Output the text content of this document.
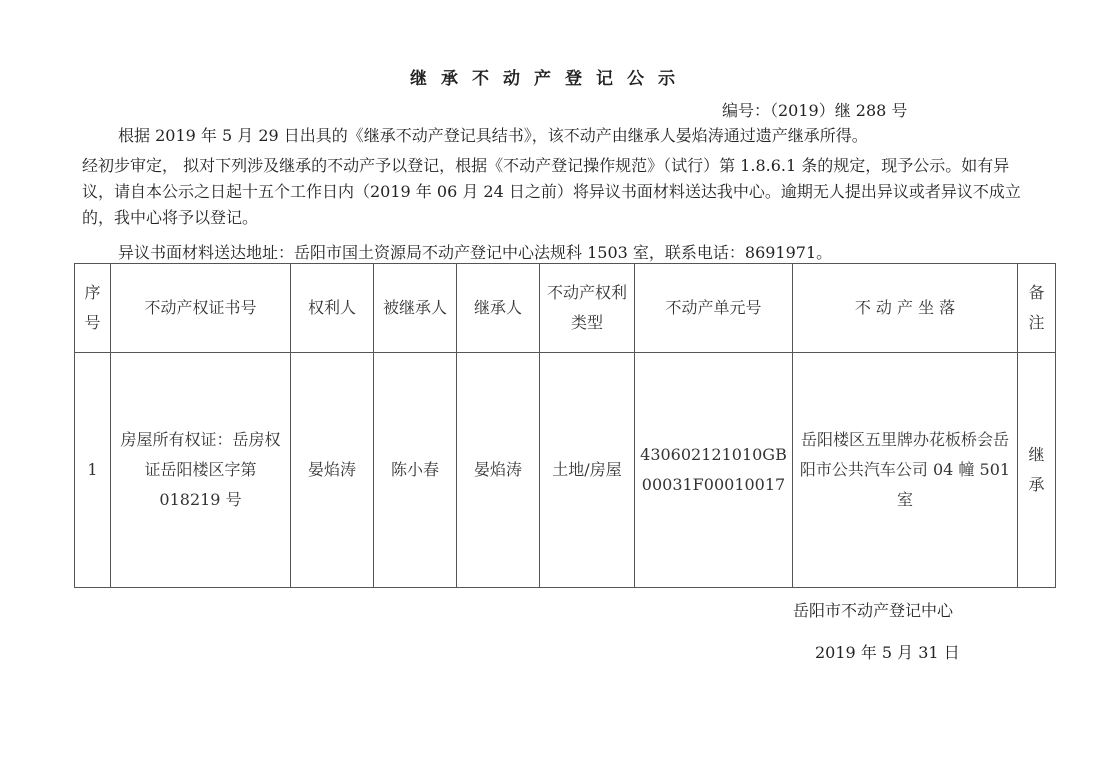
继承不动产登记公示
编号：（2019）继 288 号
根据 2019 年 5 月 29 日出具的《继承不动产登记具结书》，该不动产由继承人晏焰涛通过遗产继承所得。
经初步审定， 拟对下列涉及继承的不动产予以登记，根据《不动产登记操作规范》（试行）第 1.8.6.1 条的规定，现予公示。如有异议，请自本公示之日起十五个工作日内（2019 年 06 月 24 日之前）将异议书面材料送达我中心。逾期无人提出异议或者异议不成立的，我中心将予以登记。
异议书面材料送达地址：岳阳市国土资源局不动产登记中心法规科 1503 室，联系电话：8691971。
序号	不动产权证书号	权利人	被继承人	继承人	不动产权利类型	不动产单元号	不 动 产 坐 落	备注
1	房屋所有权证：岳房权证岳阳楼区字第 018219 号	晏焰涛	陈小春	晏焰涛	土地/房屋	430602121010GB00031F00010017	岳阳楼区五里牌办花板桥会岳阳市公共汽车公司 04 幢 501 室	继承
岳阳市不动产登记中心
2019 年 5 月 31 日
